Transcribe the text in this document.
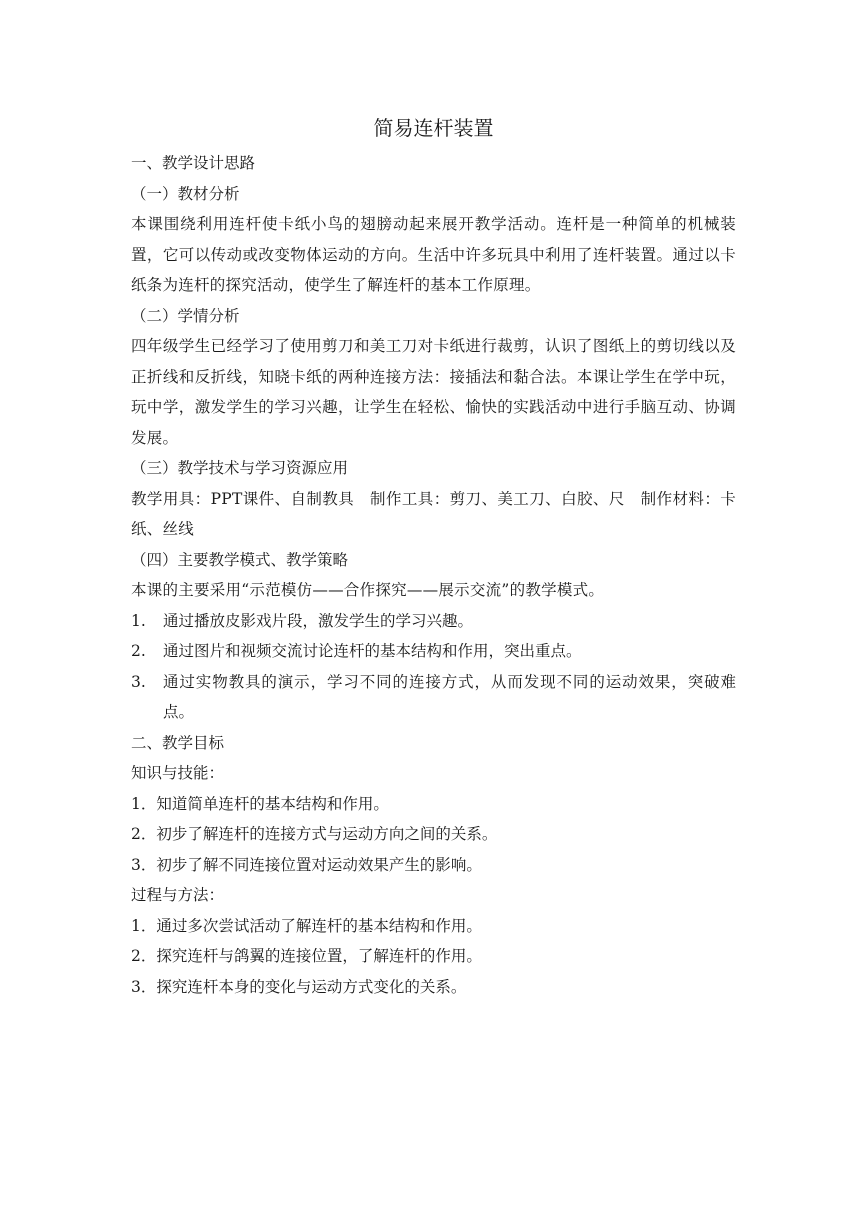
简易连杆装置

一、教学设计思路

（一）教材分析

本课围绕利用连杆使卡纸小鸟的翅膀动起来展开教学活动。连杆是一种简单的机械装置，它可以传动或改变物体运动的方向。生活中许多玩具中利用了连杆装置。通过以卡纸条为连杆的探究活动，使学生了解连杆的基本工作原理。

（二）学情分析

四年级学生已经学习了使用剪刀和美工刀对卡纸进行裁剪，认识了图纸上的剪切线以及正折线和反折线，知晓卡纸的两种连接方法：接插法和黏合法。本课让学生在学中玩，玩中学，激发学生的学习兴趣，让学生在轻松、愉快的实践活动中进行手脑互动、协调发展。

（三）教学技术与学习资源应用

教学用具：PPT课件、自制教具　制作工具：剪刀、美工刀、白胶、尺　制作材料：卡纸、丝线

（四）主要教学模式、教学策略

本课的主要采用“示范模仿——合作探究——展示交流”的教学模式。

1.	通过播放皮影戏片段，激发学生的学习兴趣。
2.	通过图片和视频交流讨论连杆的基本结构和作用，突出重点。
3.	通过实物教具的演示，学习不同的连接方式，从而发现不同的运动效果，突破难点。

二、教学目标

知识与技能：

1．知道简单连杆的基本结构和作用。

2．初步了解连杆的连接方式与运动方向之间的关系。

3．初步了解不同连接位置对运动效果产生的影响。

过程与方法：

1．通过多次尝试活动了解连杆的基本结构和作用。

2．探究连杆与鸽翼的连接位置，了解连杆的作用。

3．探究连杆本身的变化与运动方式变化的关系。
